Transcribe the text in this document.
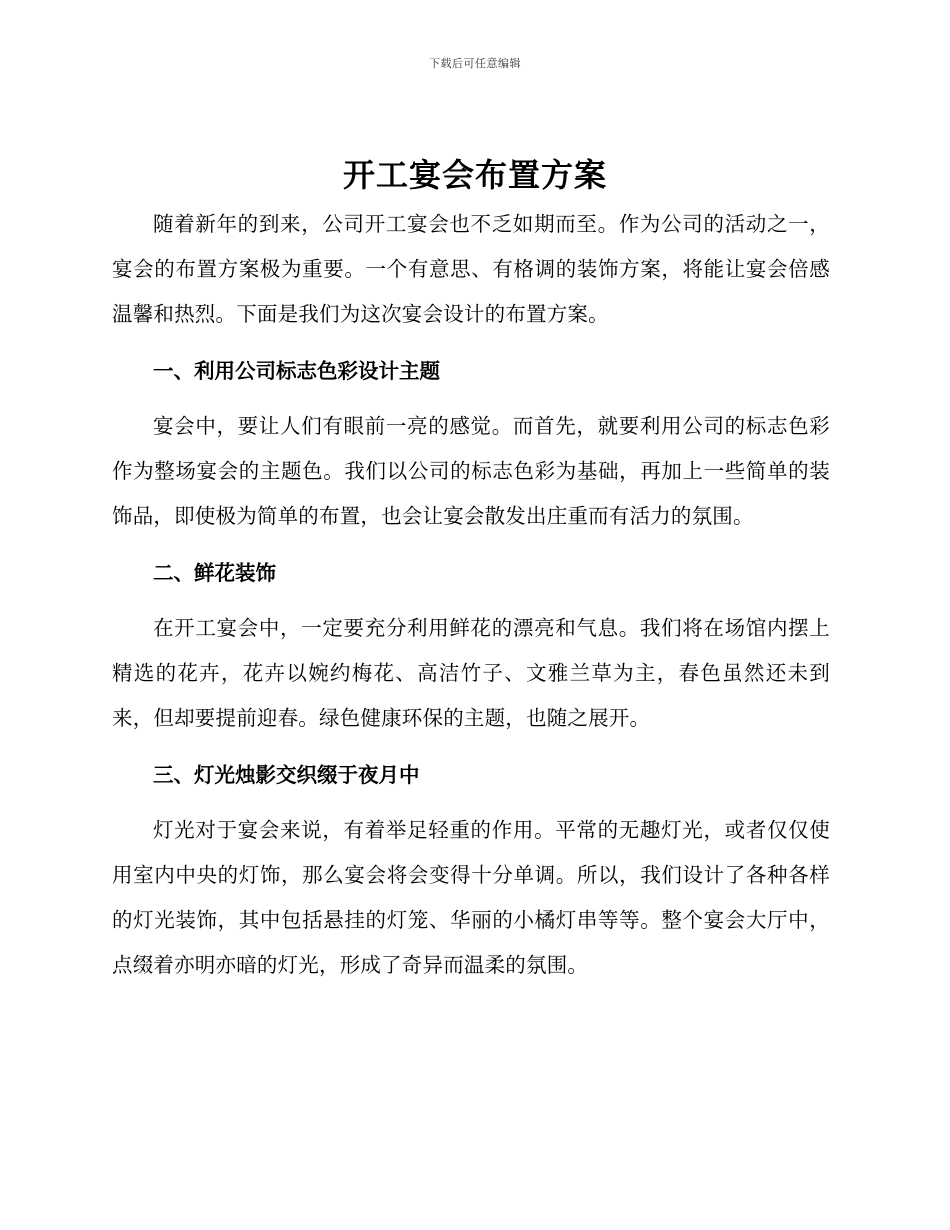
下载后可任意编辑
开工宴会布置方案

随着新年的到来，公司开工宴会也不乏如期而至。作为公司的活动之一，宴会的布置方案极为重要。一个有意思、有格调的装饰方案，将能让宴会倍感温馨和热烈。下面是我们为这次宴会设计的布置方案。

一、利用公司标志色彩设计主题

宴会中，要让人们有眼前一亮的感觉。而首先，就要利用公司的标志色彩作为整场宴会的主题色。我们以公司的标志色彩为基础，再加上一些简单的装饰品，即使极为简单的布置，也会让宴会散发出庄重而有活力的氛围。

二、鲜花装饰

在开工宴会中，一定要充分利用鲜花的漂亮和气息。我们将在场馆内摆上精选的花卉，花卉以婉约梅花、高洁竹子、文雅兰草为主，春色虽然还未到来，但却要提前迎春。绿色健康环保的主题，也随之展开。

三、灯光烛影交织缀于夜月中

灯光对于宴会来说，有着举足轻重的作用。平常的无趣灯光，或者仅仅使用室内中央的灯饰，那么宴会将会变得十分单调。所以，我们设计了各种各样的灯光装饰，其中包括悬挂的灯笼、华丽的小橘灯串等等。整个宴会大厅中，点缀着亦明亦暗的灯光，形成了奇异而温柔的氛围。
